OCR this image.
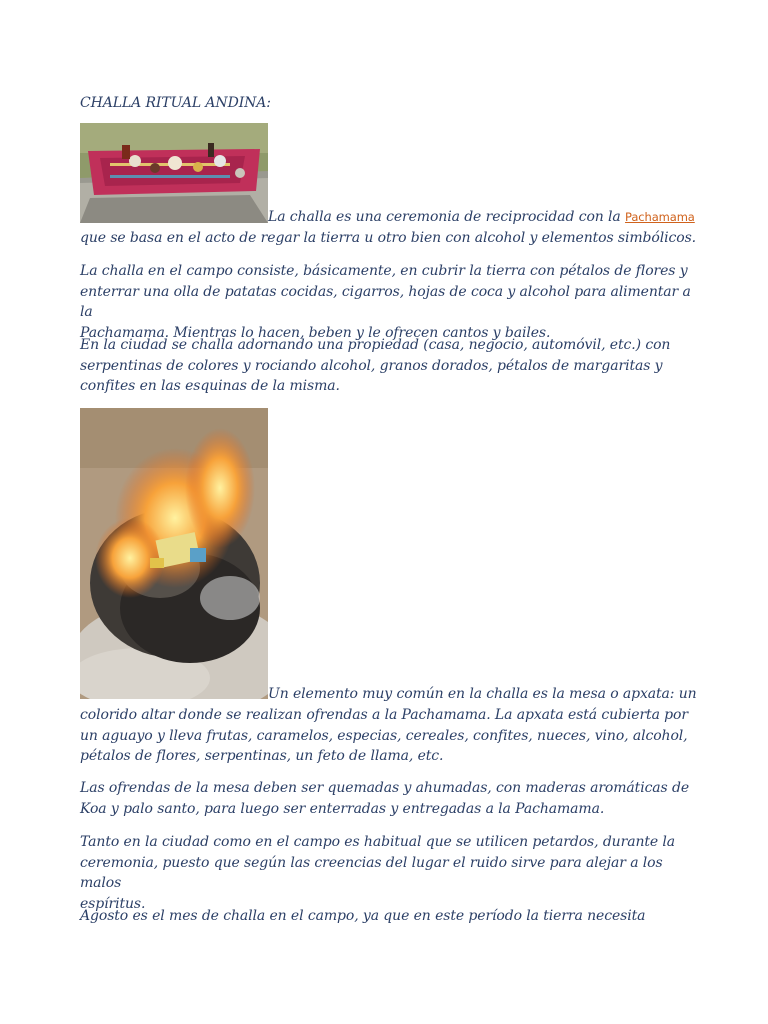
CHALLA RITUAL ANDINA:

La challa es una ceremonia de reciprocidad con la Pachamama

que se basa en el acto de regar la tierra u otro bien con alcohol y elementos simbólicos.

La challa en el campo consiste, básicamente, en cubrir la tierra con pétalos de flores y

enterrar una olla de patatas cocidas, cigarros, hojas de coca y alcohol para alimentar a la

Pachamama. Mientras lo hacen, beben y le ofrecen cantos y bailes.

En la ciudad se challa adornando una propiedad (casa, negocio, automóvil, etc.) con

serpentinas de colores y rociando alcohol, granos dorados, pétalos de margaritas y

confites en las esquinas de la misma.

Un elemento muy común en la challa es la mesa o apxata: un

colorido altar donde se realizan ofrendas a la Pachamama. La apxata está cubierta por

un aguayo y lleva frutas, caramelos, especias, cereales, confites, nueces, vino, alcohol,

pétalos de flores, serpentinas, un feto de llama, etc.

Las ofrendas de la mesa deben ser quemadas y ahumadas, con maderas aromáticas de

Koa y palo santo, para luego ser enterradas y entregadas a la Pachamama.

Tanto en la ciudad como en el campo es habitual que se utilicen petardos, durante la

ceremonia, puesto que según las creencias del lugar el ruido sirve para alejar a los malos

espíritus.

Agosto es el mes de challa en el campo, ya que en este período la tierra necesita
